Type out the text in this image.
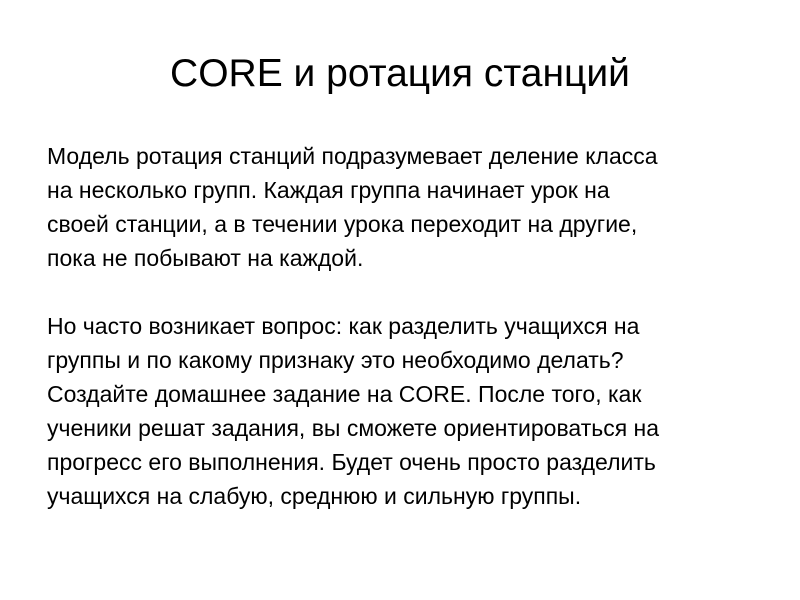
CORE и ротация станций

Модель ротация станций подразумевает деление класса
на несколько групп. Каждая группа начинает урок на
своей станции, а в течении урока переходит на другие,
пока не побывают на каждой.

Но часто возникает вопрос: как разделить учащихся на
группы и по какому признаку это необходимо делать?
Создайте домашнее задание на CORE. После того, как
ученики решат задания, вы сможете ориентироваться на
прогресс его выполнения. Будет очень просто разделить
учащихся на слабую, среднюю и сильную группы.
